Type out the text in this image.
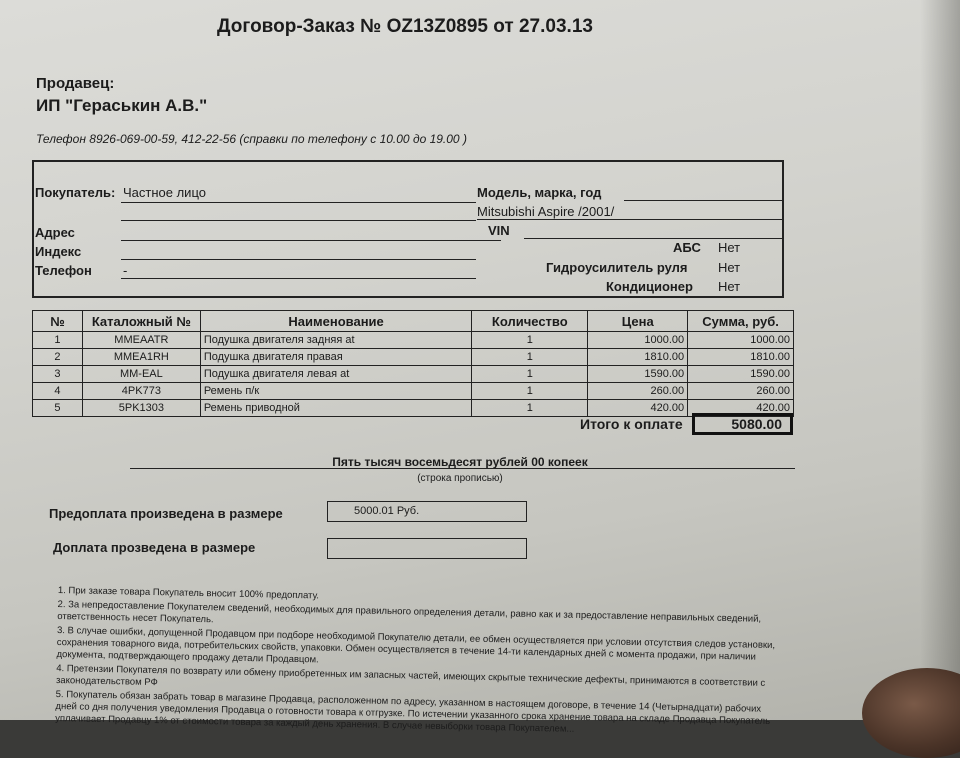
Договор-Заказ № OZ13Z0895 от 27.03.13
Продавец:
ИП "Гераськин А.В."
Телефон 8926-069-00-59, 412-22-56 (справки по телефону с 10.00 до 19.00 )
Покупатель: Частное лицо
Адрес
Индекс
Телефон -
Модель, марка, год
Mitsubishi Aspire /2001/
VIN
АБС Нет
Гидроусилитель руля Нет
Кондиционер Нет
№	Каталожный №	Наименование	Количество	Цена	Сумма, руб.
1	MMEAATR	Подушка двигателя задняя at	1	1000.00	1000.00
2	MMEA1RH	Подушка двигателя правая	1	1810.00	1810.00
3	MM-EAL	Подушка двигателя левая at	1	1590.00	1590.00
4	4PK773	Ремень п/к	1	260.00	260.00
5	5PK1303	Ремень приводной	1	420.00	420.00
Итого к оплате	5080.00
Пять тысяч восемьдесят рублей 00 копеек
(строка прописью)
Предоплата произведена в размере	5000.01 Руб.
Доплата прозведена в размере

1. При заказе товара Покупатель вносит 100% предоплату.

2. За непредоставление Покупателем сведений, необходимых для правильного определения детали, равно как и за предоставление неправильных сведений, ответственность несет Покупатель.

3. В случае ошибки, допущенной Продавцом при подборе необходимой Покупателю детали, ее обмен осуществляется при условии отсутствия следов установки, сохранения товарного вида, потребительских свойств, упаковки. Обмен осуществляется в течение 14-ти календарных дней с момента продажи, при наличии документа, подтверждающего продажу детали Продавцом.

4. Претензии Покупателя по возврату или обмену приобретенных им запасных частей, имеющих скрытые технические дефекты, принимаются в соответствии с законодательством РФ

5. Покупатель обязан забрать товар в магазине Продавца, расположенном по адресу, указанном в настоящем договоре, в течение 14 (Четырнадцати) рабочих дней со дня получения уведомления Продавца о готовности товара к отгрузке. По истечении указанного срока хранение товара на складе Продавца Покупатель уплачивает Продавцу 1% от стоимости товара за каждый день хранения. В случае невыборки товара Покупателем...
